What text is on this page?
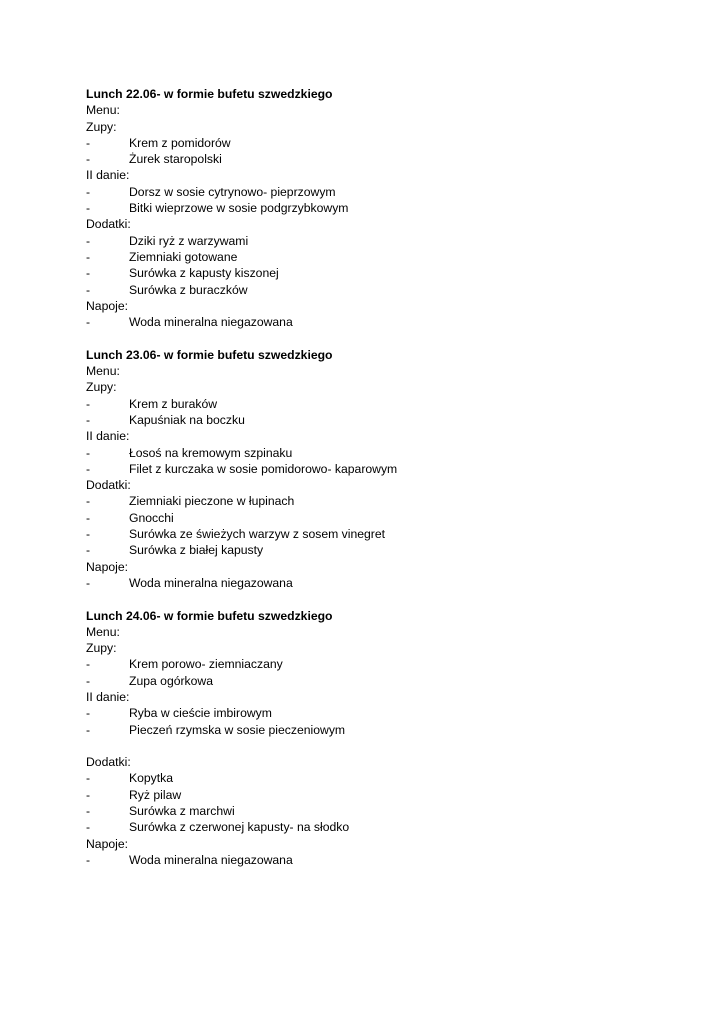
Lunch 22.06- w formie bufetu szwedzkiego
Menu:
Zupy:
-	Krem z pomidorów
-	Żurek staropolski
II danie:
-	Dorsz w sosie cytrynowo- pieprzowym
-	Bitki wieprzowe w sosie podgrzybkowym
Dodatki:
-	Dziki ryż z warzywami
-	Ziemniaki gotowane
-	Surówka z kapusty kiszonej
-	Surówka z buraczków
Napoje:
-	Woda mineralna niegazowana
Lunch 23.06- w formie bufetu szwedzkiego
Menu:
Zupy:
-	Krem z buraków
-	Kapuśniak na boczku
II danie:
-	Łosoś na kremowym szpinaku
-	Filet z kurczaka w sosie pomidorowo- kaparowym
Dodatki:
-	Ziemniaki pieczone w łupinach
-	Gnocchi
-	Surówka ze świeżych warzyw z sosem vinegret
-	Surówka z białej kapusty
Napoje:
-	Woda mineralna niegazowana
Lunch 24.06- w formie bufetu szwedzkiego
Menu:
Zupy:
-	Krem porowo- ziemniaczany
-	Zupa ogórkowa
II danie:
-	Ryba w cieście imbirowym
-	Pieczeń rzymska w sosie pieczeniowym
Dodatki:
-	Kopytka
-	Ryż pilaw
-	Surówka z marchwi
-	Surówka z czerwonej kapusty- na słodko
Napoje:
-	Woda mineralna niegazowana
